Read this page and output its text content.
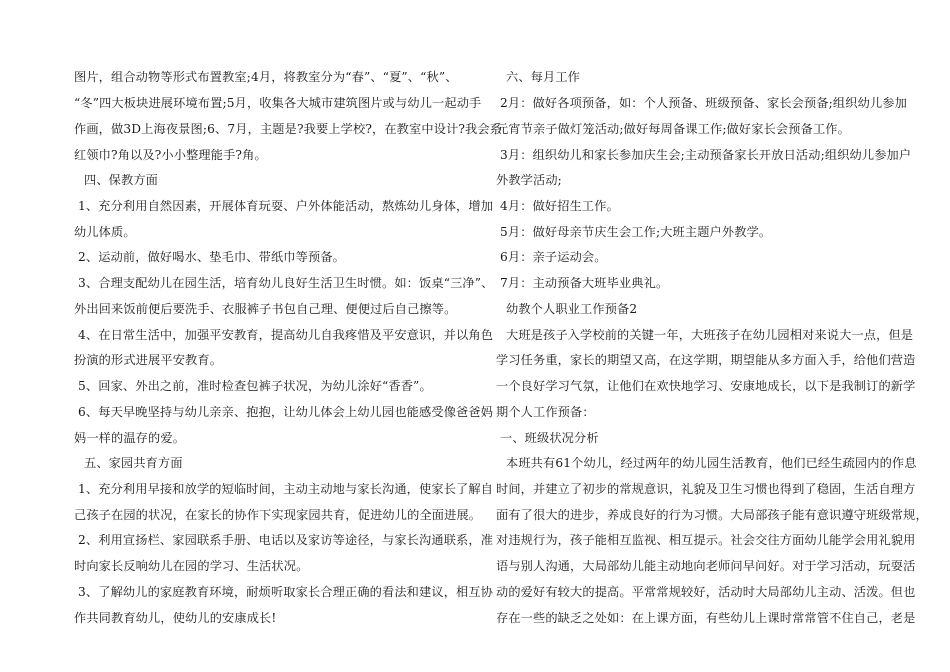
图片，组合动物等形式布置教室;4月，将教室分为“春”、“夏”、“秋”、
“冬”四大板块进展环境布置;5月，收集各大城市建筑图片或与幼儿一起动手
作画，做3D上海夜景图;6、7月，主题是?我要上学校?，在教室中设计?我会系
红领巾?角以及?小小整理能手?角。
四、保教方面
1、充分利用自然因素，开展体育玩耍、户外体能活动，熬炼幼儿身体，增加
幼儿体质。
2、运动前，做好喝水、垫毛巾、带纸巾等预备。
3、合理支配幼儿在园生活，培育幼儿良好生活卫生时惯。如：饭桌“三净”、
外出回来饭前便后要洗手、衣服裤子书包自己理、便便过后自己擦等。
4、在日常生活中，加强平安教育，提高幼儿自我疼惜及平安意识，并以角色
扮演的形式进展平安教育。
5、回家、外出之前，准时检查包裤子状况，为幼儿涂好“香香”。
6、每天早晚坚持与幼儿亲亲、抱抱，让幼儿体会上幼儿园也能感受像爸爸妈
妈一样的温存的爱。
五、家园共育方面
1、充分利用早接和放学的短临时间，主动主动地与家长沟通，使家长了解自
己孩子在园的状况，在家长的协作下实现家园共育，促进幼儿的全面进展。
2、利用宣扬栏、家园联系手册、电话以及家访等途径，与家长沟通联系，准
时向家长反响幼儿在园的学习、生活状况。
3、了解幼儿的家庭教育环境，耐烦听取家长合理正确的看法和建议，相互协
作共同教育幼儿，使幼儿的安康成长!
六、每月工作
2月：做好各项预备，如：个人预备、班级预备、家长会预备;组织幼儿参加
元宵节亲子做灯笼活动;做好每周备课工作;做好家长会预备工作。
3月：组织幼儿和家长参加庆生会;主动预备家长开放日活动;组织幼儿参加户
外教学活动;
4月：做好招生工作。
5月：做好母亲节庆生会工作;大班主题户外教学。
6月：亲子运动会。
7月：主动预备大班毕业典礼。
幼教个人职业工作预备2
大班是孩子入学校前的关键一年，大班孩子在幼儿园相对来说大一点，但是
学习任务重，家长的期望又高，在这学期，期望能从多方面入手，给他们营造
一个良好学习气氛，让他们在欢快地学习、安康地成长，以下是我制订的新学
期个人工作预备：
一、班级状况分析
本班共有61个幼儿，经过两年的幼儿园生活教育，他们已经生疏园内的作息
时间，并建立了初步的常规意识，礼貌及卫生习惯也得到了稳固，生活自理方
面有了很大的进步，养成良好的行为习惯。大局部孩子能有意识遵守班级常规，
对违规行为，孩子能相互监视、相互提示。社会交往方面幼儿能学会用礼貌用
语与别人沟通，大局部幼儿能主动地向老师问早问好。对于学习活动，玩耍活
动的爱好有较大的提高。平常常规较好，活动时大局部幼儿主动、活泼。但也
存在一些的缺乏之处如：在上课方面，有些幼儿上课时常常管不住自己，老是
